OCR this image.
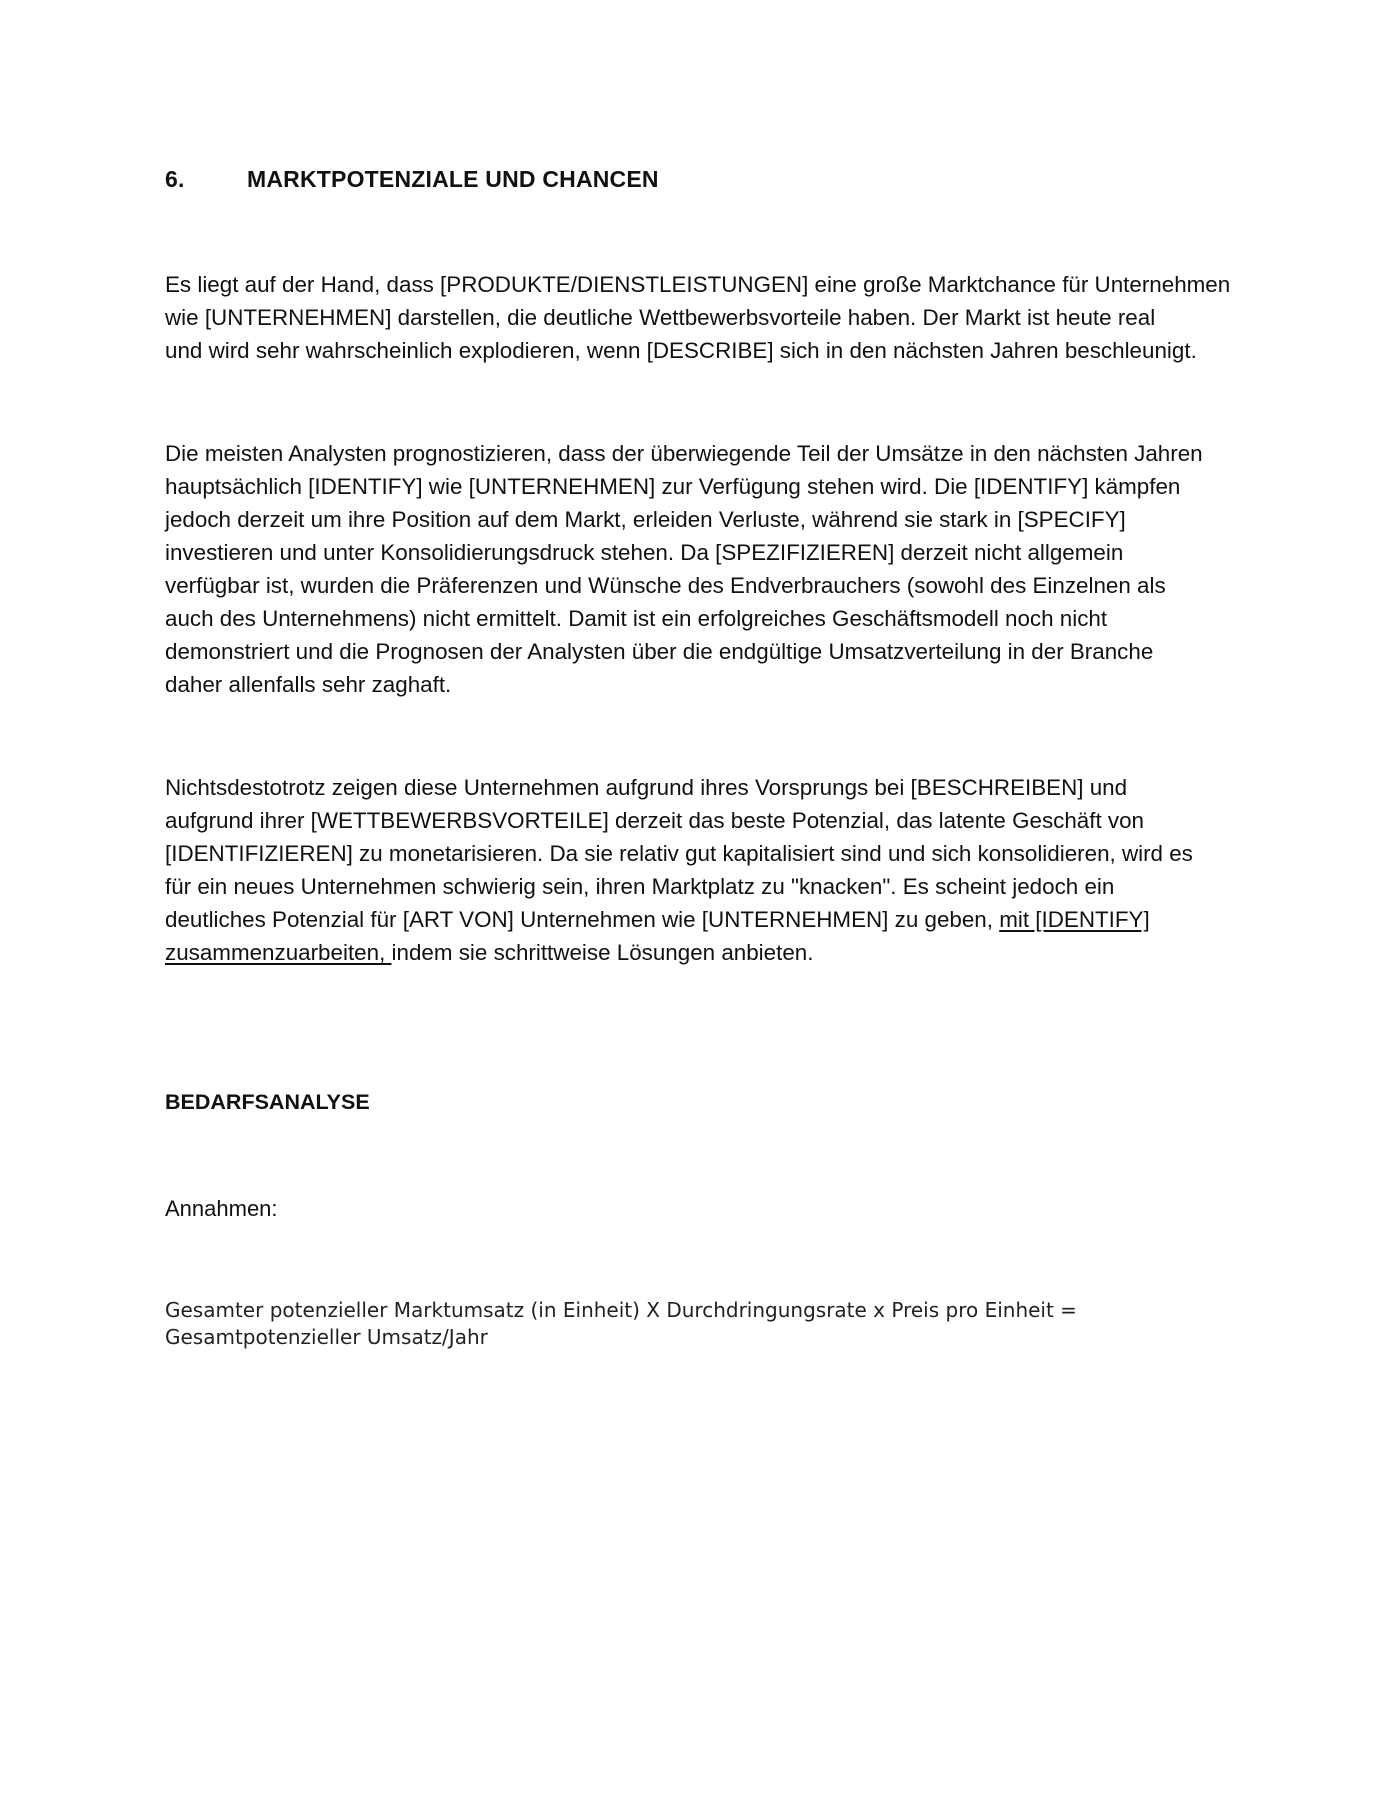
6.	MARKTPOTENZIALE UND CHANCEN

Es liegt auf der Hand, dass [PRODUKTE/DIENSTLEISTUNGEN] eine große Marktchance für Unternehmen
wie [UNTERNEHMEN] darstellen, die deutliche Wettbewerbsvorteile haben. Der Markt ist heute real
und wird sehr wahrscheinlich explodieren, wenn [DESCRIBE] sich in den nächsten Jahren beschleunigt.

Die meisten Analysten prognostizieren, dass der überwiegende Teil der Umsätze in den nächsten Jahren
hauptsächlich [IDENTIFY] wie [UNTERNEHMEN] zur Verfügung stehen wird. Die [IDENTIFY] kämpfen
jedoch derzeit um ihre Position auf dem Markt, erleiden Verluste, während sie stark in [SPECIFY]
investieren und unter Konsolidierungsdruck stehen. Da [SPEZIFIZIEREN] derzeit nicht allgemein
verfügbar ist, wurden die Präferenzen und Wünsche des Endverbrauchers (sowohl des Einzelnen als
auch des Unternehmens) nicht ermittelt. Damit ist ein erfolgreiches Geschäftsmodell noch nicht
demonstriert und die Prognosen der Analysten über die endgültige Umsatzverteilung in der Branche
daher allenfalls sehr zaghaft.

Nichtsdestotrotz zeigen diese Unternehmen aufgrund ihres Vorsprungs bei [BESCHREIBEN] und
aufgrund ihrer [WETTBEWERBSVORTEILE] derzeit das beste Potenzial, das latente Geschäft von
[IDENTIFIZIEREN] zu monetarisieren. Da sie relativ gut kapitalisiert sind und sich konsolidieren, wird es
für ein neues Unternehmen schwierig sein, ihren Marktplatz zu "knacken". Es scheint jedoch ein
deutliches Potenzial für [ART VON] Unternehmen wie [UNTERNEHMEN] zu geben, mit [IDENTIFY]
zusammenzuarbeiten, indem sie schrittweise Lösungen anbieten.

BEDARFSANALYSE
Annahmen:

Gesamter potenzieller Marktumsatz (in Einheit) X Durchdringungsrate x Preis pro Einheit =
Gesamtpotenzieller Umsatz/Jahr
